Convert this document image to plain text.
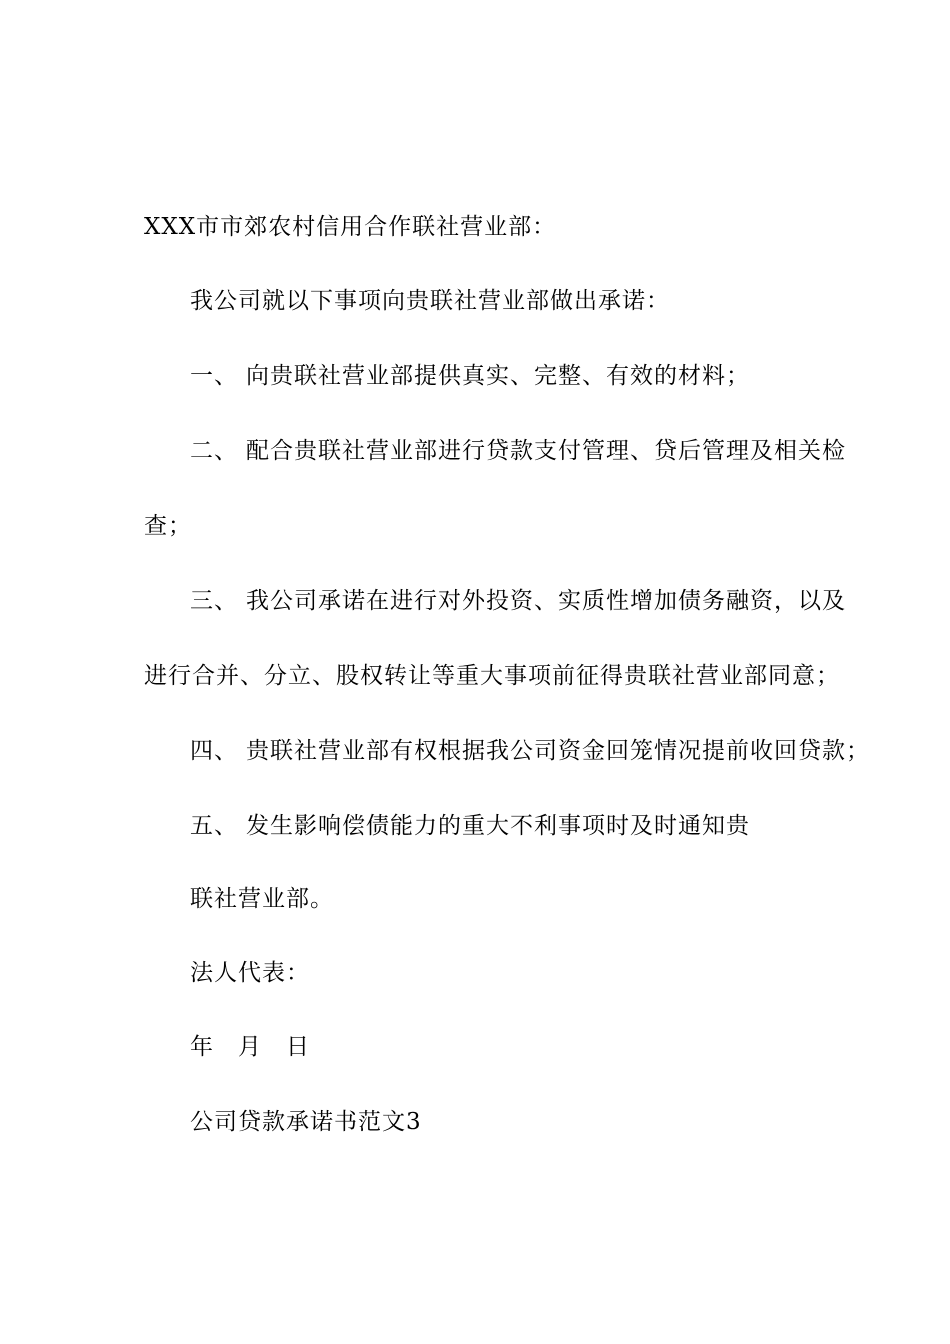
XXX市市郊农村信用合作联社营业部：
我公司就以下事项向贵联社营业部做出承诺：
一、 向贵联社营业部提供真实、完整、有效的材料；
二、 配合贵联社营业部进行贷款支付管理、贷后管理及相关检
查；
三、 我公司承诺在进行对外投资、实质性增加债务融资，以及
进行合并、分立、股权转让等重大事项前征得贵联社营业部同意；
四、 贵联社营业部有权根据我公司资金回笼情况提前收回贷款；
五、 发生影响偿债能力的重大不利事项时及时通知贵
联社营业部。
法人代表：
年 月 日
公司贷款承诺书范文3
